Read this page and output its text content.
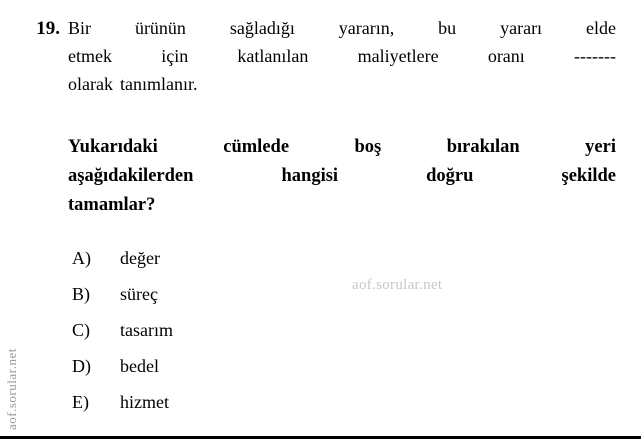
aof.sorular.net
19. Bir ürünün sağladığı yararın, bu yararı elde
etmek	için	katlanılan	maliyetlere	oranı	-------
olarak tanımlanır.
Yukarıdaki	cümlede	boş	bırakılan	yeri
aşağıdakilerden	hangisi	doğru	şekilde
tamamlar?
aof.sorular.net
A)	değer
B)	süreç
C)	tasarım
D)	bedel
E)	hizmet
